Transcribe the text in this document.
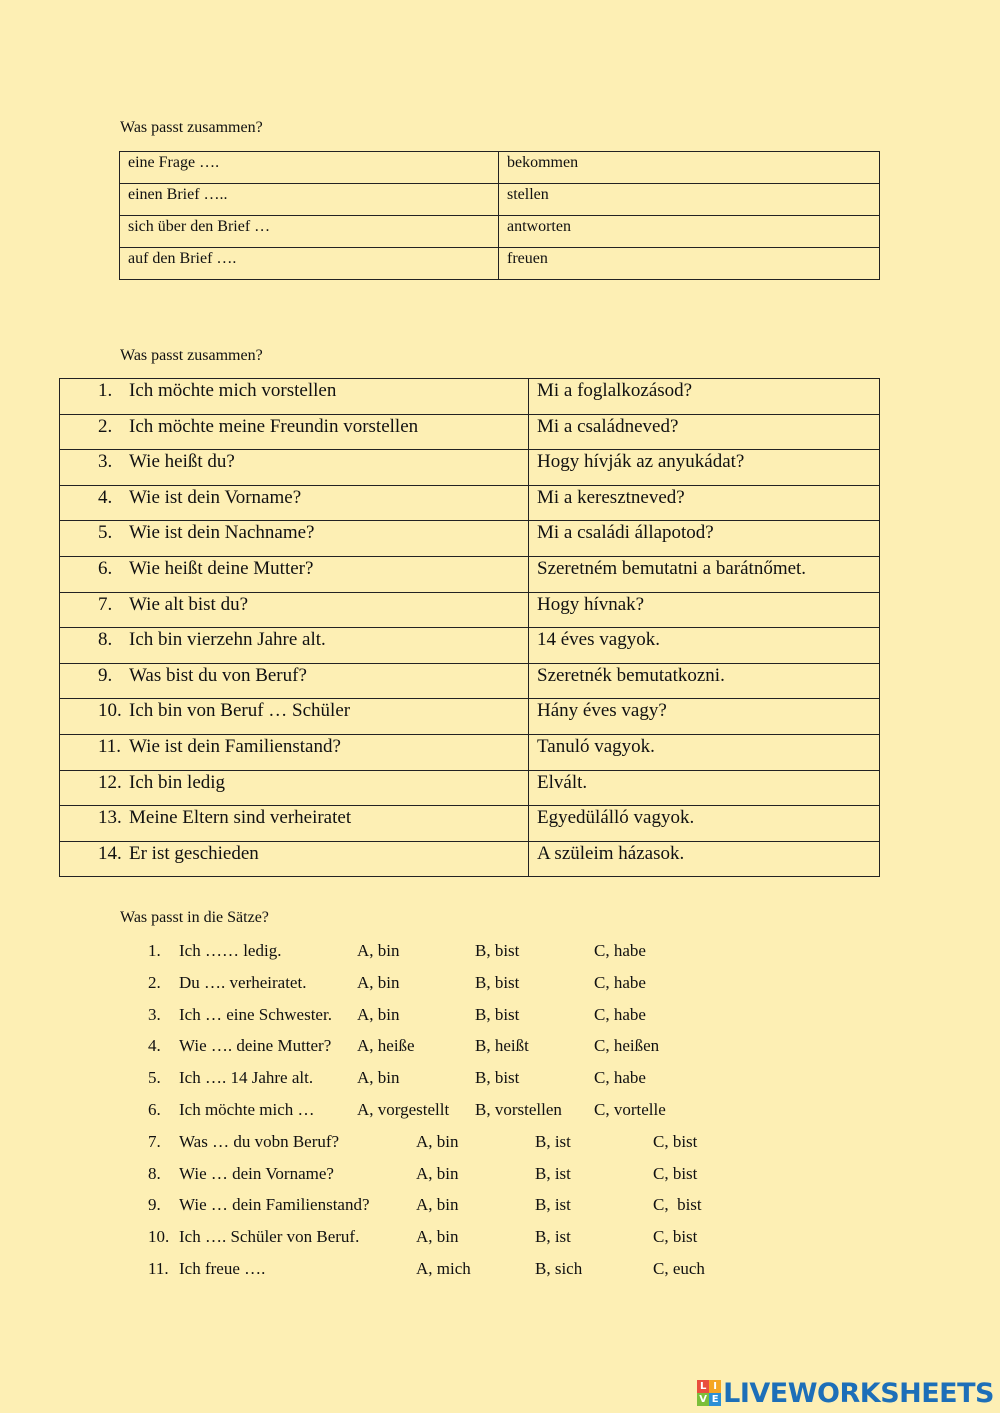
Was passt zusammen?
eine Frage ….	bekommen
einen Brief …..	stellen
sich über den Brief …	antworten
auf den Brief ….	freuen
Was passt zusammen?
1. Ich möchte mich vorstellen	Mi a foglalkozásod?
2. Ich möchte meine Freundin vorstellen	Mi a családneved?
3. Wie heißt du?	Hogy hívják az anyukádat?
4. Wie ist dein Vorname?	Mi a keresztneved?
5. Wie ist dein Nachname?	Mi a családi állapotod?
6. Wie heißt deine Mutter?	Szeretném bemutatni a barátnőmet.
7. Wie alt bist du?	Hogy hívnak?
8. Ich bin vierzehn Jahre alt.	14 éves vagyok.
9. Was bist du von Beruf?	Szeretnék bemutatkozni.
10. Ich bin von Beruf … Schüler	Hány éves vagy?
11. Wie ist dein Familienstand?	Tanuló vagyok.
12. Ich bin ledig	Elvált.
13. Meine Eltern sind verheiratet	Egyedülálló vagyok.
14. Er ist geschieden	A szüleim házasok.
Was passt in die Sätze?
1. Ich …… ledig.	A, bin	B, bist	C, habe
2. Du …. verheiratet.	A, bin	B, bist	C, habe
3. Ich … eine Schwester. A, bin	B, bist	C, habe
4. Wie …. deine Mutter? A, heiße	B, heißt	C, heißen
5. Ich …. 14 Jahre alt.	A, bin	B, bist	C, habe
6. Ich möchte mich …	A, vorgestellt B, vorstellen C, vortelle
7. Was … du vobn Beruf?	A, bin	B, ist	C, bist
8. Wie … dein Vorname?	A, bin	B, ist	C, bist
9. Wie … dein Familienstand?	A, bin	B, ist	C,  bist
10. Ich …. Schüler von Beruf.	A, bin	B, ist	C, bist
11. Ich freue ….	A, mich	B, sich	C, euch
L I
V E LIVEWORKSHEETS
